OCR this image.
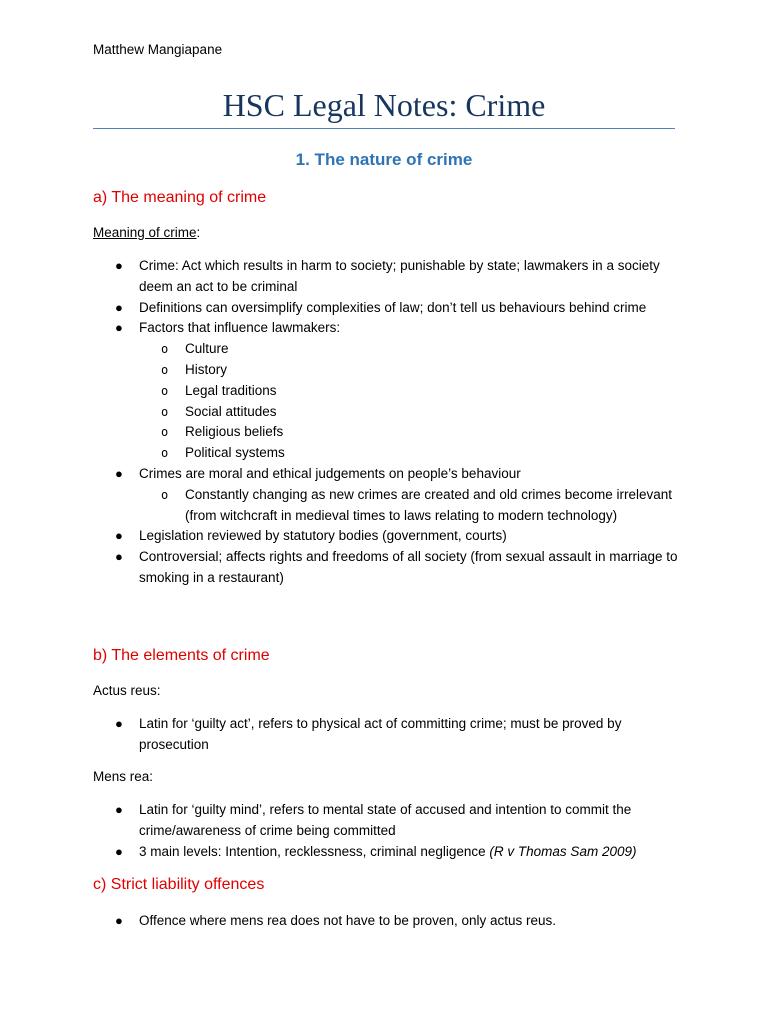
Matthew Mangiapane
HSC Legal Notes: Crime
1. The nature of crime
a) The meaning of crime
Meaning of crime:
● Crime: Act which results in harm to society; punishable by state; lawmakers in a society deem an act to be criminal
● Definitions can oversimplify complexities of law; don’t tell us behaviours behind crime
● Factors that influence lawmakers:
o Culture
o History
o Legal traditions
o Social attitudes
o Religious beliefs
o Political systems
● Crimes are moral and ethical judgements on people’s behaviour
o Constantly changing as new crimes are created and old crimes become irrelevant (from witchcraft in medieval times to laws relating to modern technology)
● Legislation reviewed by statutory bodies (government, courts)
● Controversial; affects rights and freedoms of all society (from sexual assault in marriage to smoking in a restaurant)
b) The elements of crime
Actus reus:
● Latin for ‘guilty act’, refers to physical act of committing crime; must be proved by prosecution
Mens rea:
● Latin for ‘guilty mind’, refers to mental state of accused and intention to commit the crime/awareness of crime being committed
● 3 main levels: Intention, recklessness, criminal negligence (R v Thomas Sam 2009)
c) Strict liability offences
● Offence where mens rea does not have to be proven, only actus reus.
